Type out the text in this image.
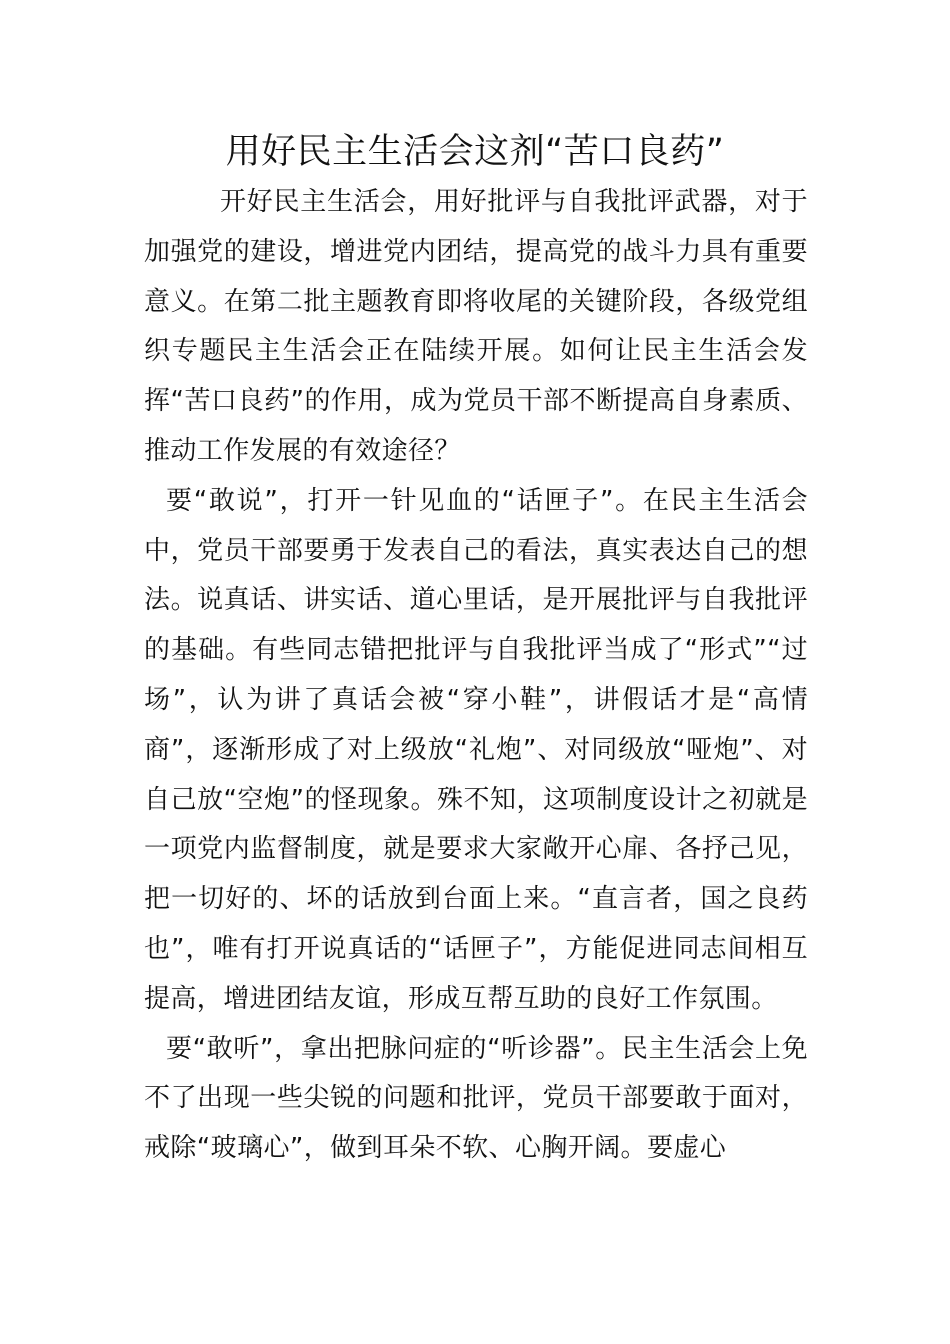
用好民主生活会这剂“苦口良药”

开好民主生活会，用好批评与自我批评武器，对于加强党的建设，增进党内团结，提高党的战斗力具有重要意义。在第二批主题教育即将收尾的关键阶段，各级党组织专题民主生活会正在陆续开展。如何让民主生活会发挥“苦口良药”的作用，成为党员干部不断提高自身素质、推动工作发展的有效途径？

要“敢说”，打开一针见血的“话匣子”。在民主生活会中，党员干部要勇于发表自己的看法，真实表达自己的想法。说真话、讲实话、道心里话，是开展批评与自我批评的基础。有些同志错把批评与自我批评当成了“形式”“过场”，认为讲了真话会被“穿小鞋”，讲假话才是“高情商”，逐渐形成了对上级放“礼炮”、对同级放“哑炮”、对自己放“空炮”的怪现象。殊不知，这项制度设计之初就是一项党内监督制度，就是要求大家敞开心扉、各抒己见，把一切好的、坏的话放到台面上来。“直言者，国之良药也”，唯有打开说真话的“话匣子”，方能促进同志间相互提高，增进团结友谊，形成互帮互助的良好工作氛围。

要“敢听”，拿出把脉问症的“听诊器”。民主生活会上免不了出现一些尖锐的问题和批评，党员干部要敢于面对，戒除“玻璃心”，做到耳朵不软、心胸开阔。要虚心
